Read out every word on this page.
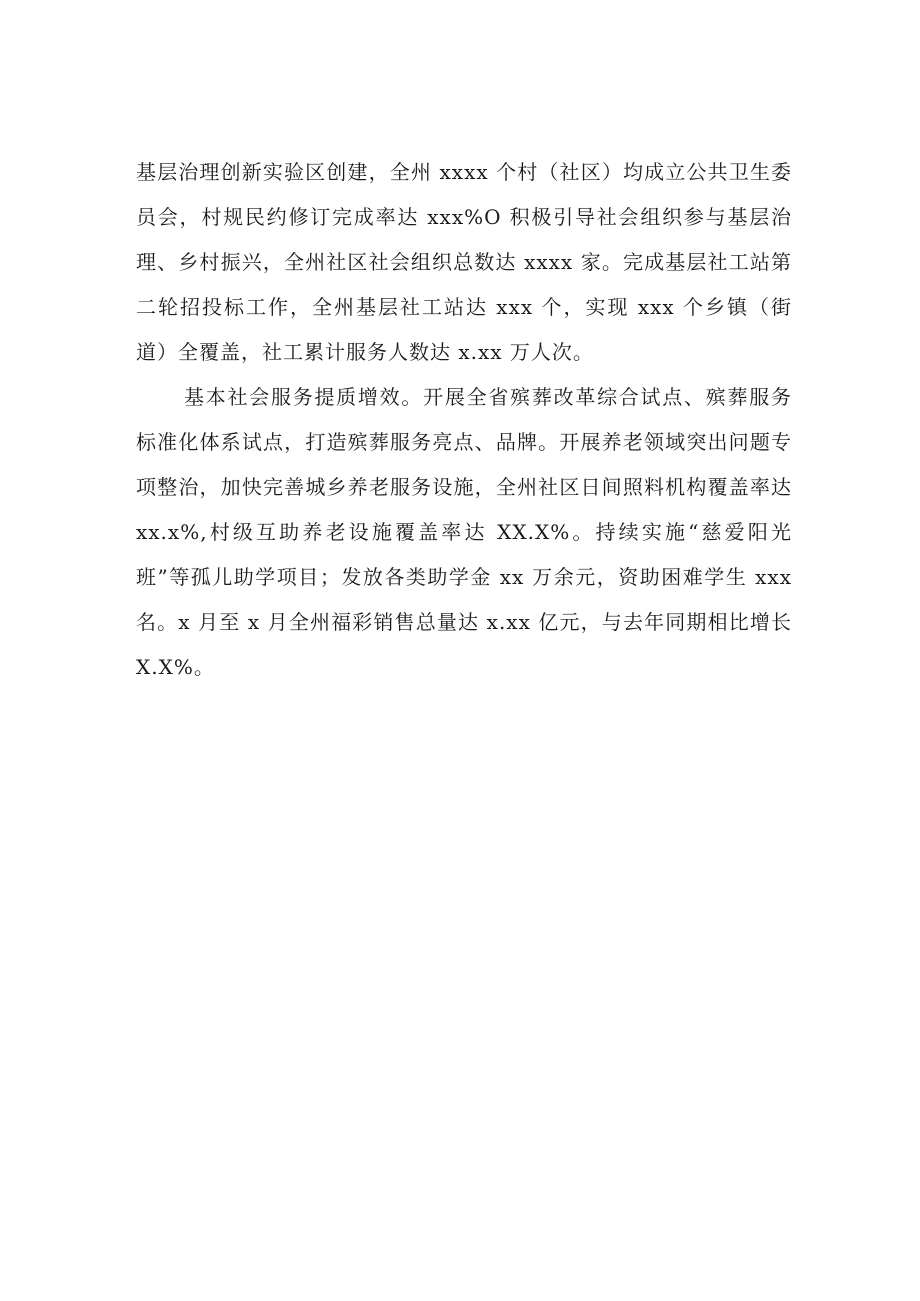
基层治理创新实验区创建，全州 xxxx 个村（社区）均成立公共卫生委员会，村规民约修订完成率达 xxx%O 积极引导社会组织参与基层治理、乡村振兴，全州社区社会组织总数达 xxxx 家。完成基层社工站第二轮招投标工作，全州基层社工站达 xxx 个，实现 xxx 个乡镇（街道）全覆盖，社工累计服务人数达 x.xx 万人次。

基本社会服务提质增效。开展全省殡葬改革综合试点、殡葬服务标准化体系试点，打造殡葬服务亮点、品牌。开展养老领域突出问题专项整治，加快完善城乡养老服务设施，全州社区日间照料机构覆盖率达 xx.x%,村级互助养老设施覆盖率达 XX.X%。持续实施“慈爱阳光班”等孤儿助学项目；发放各类助学金 xx 万余元，资助困难学生 xxx 名。x 月至 x 月全州福彩销售总量达 x.xx 亿元，与去年同期相比增长 X.X%。
